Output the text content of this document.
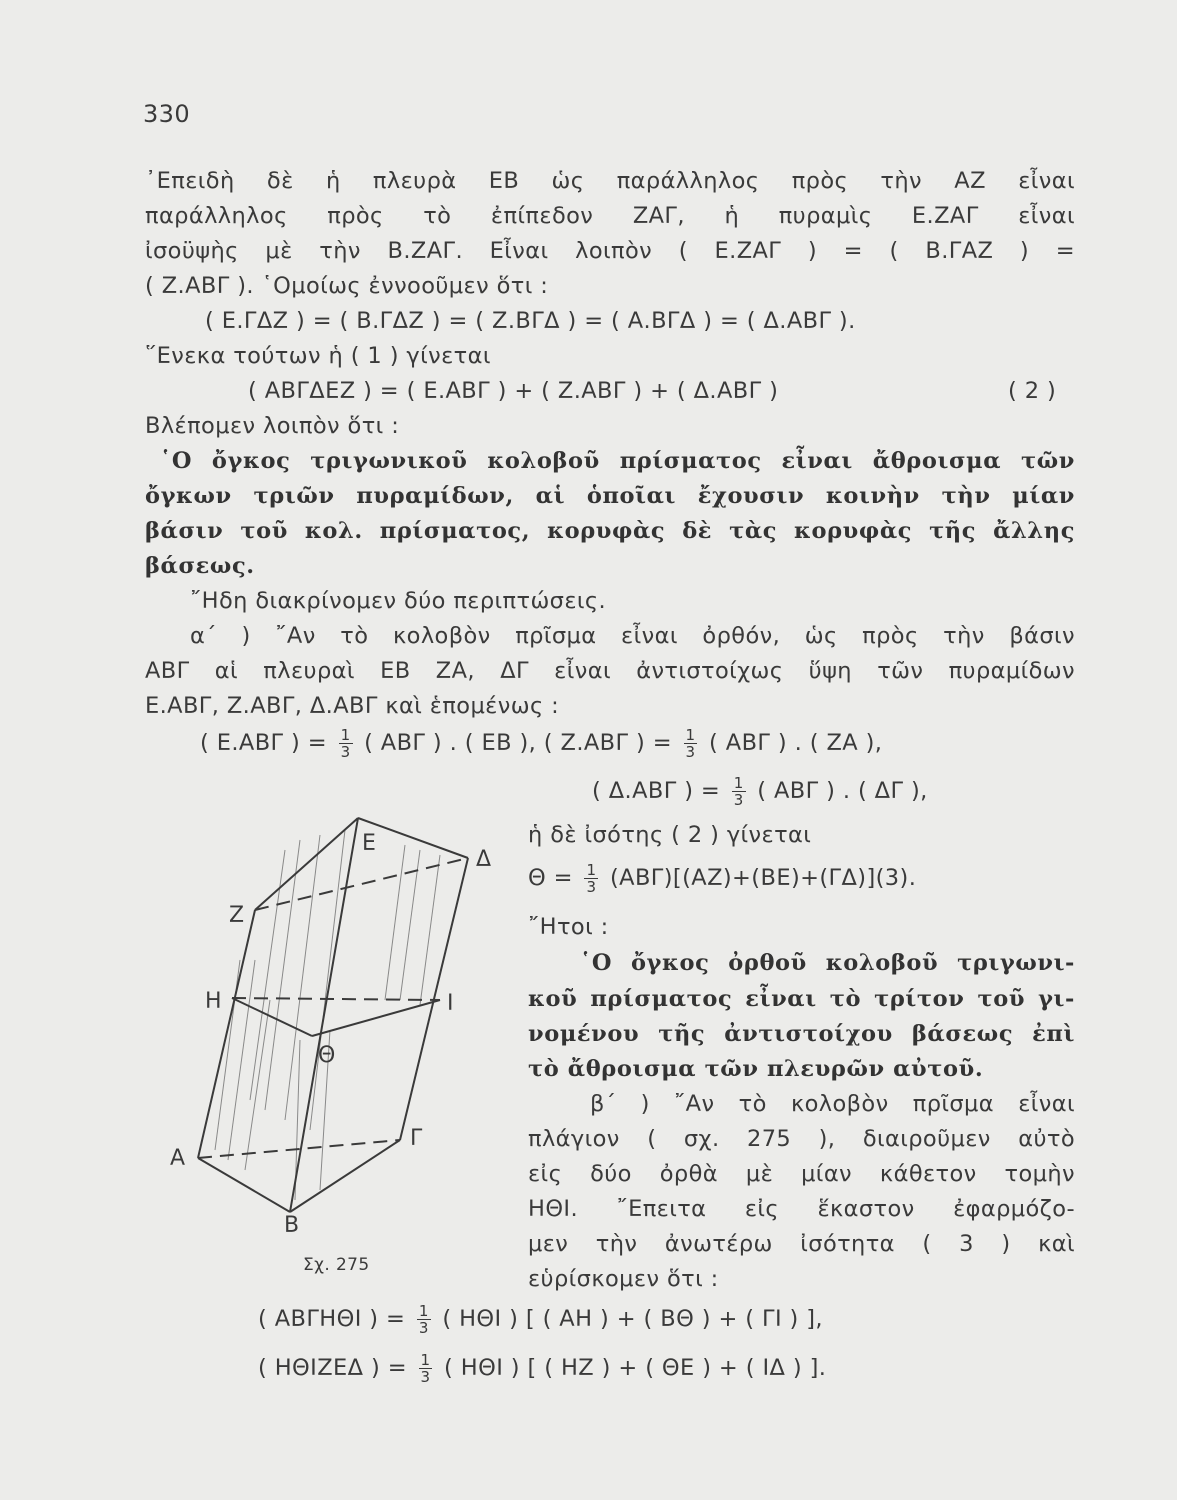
330
᾿Επειδὴ δὲ ἡ πλευρὰ ΕΒ ὡς παράλληλος πρὸς τὴν ΑΖ εἶναι
παράλληλος πρὸς τὸ ἐπίπεδον ΖΑΓ, ἡ πυραμὶς Ε.ΖΑΓ εἶναι
ἰσοϋψὴς μὲ τὴν Β.ΖΑΓ. Εἶναι λοιπὸν ( Ε.ΖΑΓ ) = ( Β.ΓΑΖ ) =
( Ζ.ΑΒΓ ). ῾Ομοίως ἐννοοῦμεν ὅτι :
( Ε.ΓΔΖ ) = ( Β.ΓΔΖ ) = ( Ζ.ΒΓΔ ) = ( Α.ΒΓΔ ) = ( Δ.ΑΒΓ ).
῞Ενεκα τούτων ἡ ( 1 ) γίνεται
( ΑΒΓΔΕΖ ) = ( Ε.ΑΒΓ ) + ( Ζ.ΑΒΓ ) + ( Δ.ΑΒΓ )	( 2 )
Βλέπομεν λοιπὸν ὅτι :
῾Ο ὄγκος τριγωνικοῦ κολοβοῦ πρίσματος εἶναι ἄθροισμα τῶν
ὄγκων τριῶν πυραμίδων, αἱ ὁποῖαι ἔχουσιν κοινὴν τὴν μίαν
βάσιν τοῦ κολ. πρίσματος, κορυφὰς δὲ τὰς κορυφὰς τῆς ἄλλης
βάσεως.
῎Ηδη διακρίνομεν δύο περιπτώσεις.
α΄ ) ῎Αν τὸ κολοβὸν πρῖσμα εἶναι ὀρθόν, ὡς πρὸς τὴν βάσιν
ΑΒΓ αἱ πλευραὶ ΕΒ ΖΑ, ΔΓ εἶναι ἀντιστοίχως ὕψη τῶν πυραμίδων
Ε.ΑΒΓ, Ζ.ΑΒΓ, Δ.ΑΒΓ καὶ ἑπομένως :
( Ε.ΑΒΓ ) = $\frac{1}{3}$ ( ΑΒΓ ) . ( ΕΒ ), ( Ζ.ΑΒΓ ) = $\frac{1}{3}$ ( ΑΒΓ ) . ( ΖΑ ),
( Δ.ΑΒΓ ) = $\frac{1}{3}$ ( ΑΒΓ ) . ( ΔΓ ),
ἡ δὲ ἰσότης ( 2 ) γίνεται
$\Theta = \frac{1}{3} (AB\Gamma)[(AZ)+(BE)+(\Gamma\Delta)](3)$.
῎Ητοι :
῾Ο ὄγκος ὀρθοῦ κολοβοῦ τριγωνι-
κοῦ πρίσματος εἶναι τὸ τρίτον τοῦ γι-
νομένου τῆς ἀντιστοίχου βάσεως ἐπὶ
τὸ ἄθροισμα τῶν πλευρῶν αὐτοῦ.
β΄ ) ῎Αν τὸ κολοβὸν πρῖσμα εἶναι
πλάγιον ( σχ. 275 ), διαιροῦμεν αὐτὸ
εἰς δύο ὀρθὰ μὲ μίαν κάθετον τομὴν
ΗΘΙ. ῎Επειτα εἰς ἕκαστον ἐφαρμόζο-
μεν τὴν ἀνωτέρω ἰσότητα ( 3 ) καὶ
εὑρίσκομεν ὅτι :
( ΑΒΓΗΘΙ ) = $\frac{1}{3}$ ( ΗΘΙ ) [ ( ΑΗ ) + ( ΒΘ ) + ( ΓΙ ) ],
( ΗΘΙΖΕΔ ) = $\frac{1}{3}$ ( ΗΘΙ ) [ ( ΗΖ ) + ( ΘΕ ) + ( ΙΔ ) ].
Ε
Δ
Ζ
Η	Ι
Θ
Α
Γ
Β
Σχ. 275
